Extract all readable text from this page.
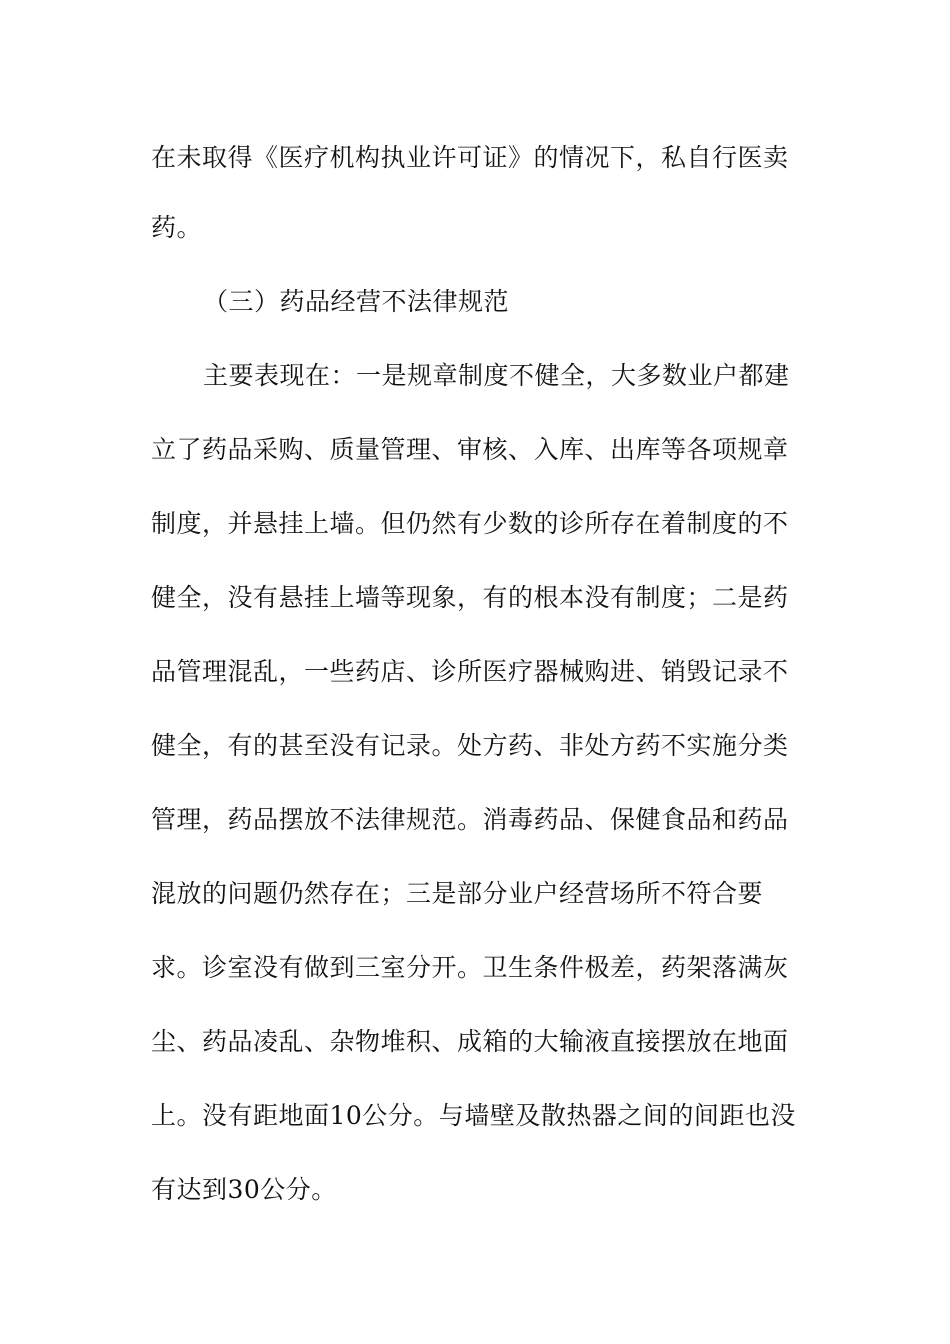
在未取得《医疗机构执业许可证》的情况下，私自行医卖
药。
（三）药品经营不法律规范
主要表现在：一是规章制度不健全，大多数业户都建
立了药品采购、质量管理、审核、入库、出库等各项规章
制度，并悬挂上墙。但仍然有少数的诊所存在着制度的不
健全，没有悬挂上墙等现象，有的根本没有制度；二是药
品管理混乱，一些药店、诊所医疗器械购进、销毁记录不
健全，有的甚至没有记录。处方药、非处方药不实施分类
管理，药品摆放不法律规范。消毒药品、保健食品和药品
混放的问题仍然存在；三是部分业户经营场所不符合要
求。诊室没有做到三室分开。卫生条件极差，药架落满灰
尘、药品凌乱、杂物堆积、成箱的大输液直接摆放在地面
上。没有距地面10公分。与墙壁及散热器之间的间距也没
有达到30公分。
